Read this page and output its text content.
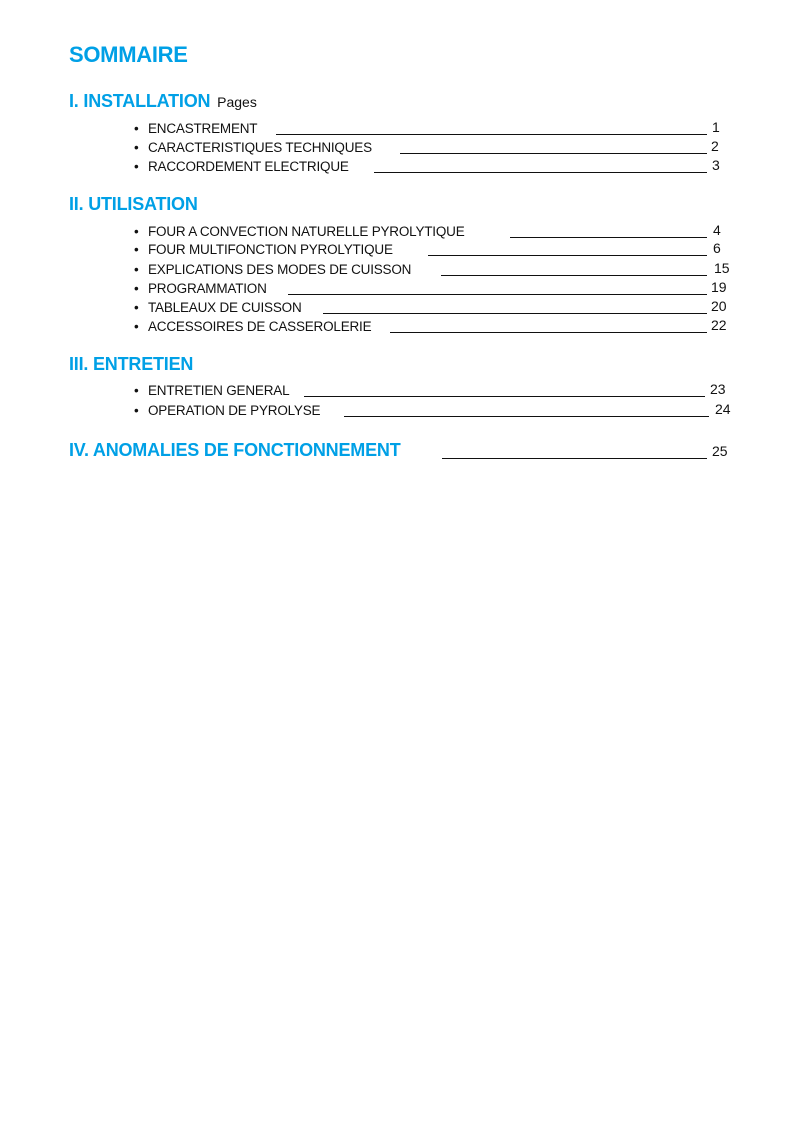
SOMMAIRE
I. INSTALLATION Pages
• ENCASTREMENT	1
• CARACTERISTIQUES TECHNIQUES	2
• RACCORDEMENT ELECTRIQUE	3
II. UTILISATION
• FOUR A CONVECTION NATURELLE PYROLYTIQUE	4
• FOUR MULTIFONCTION PYROLYTIQUE	6
• EXPLICATIONS DES MODES DE CUISSON	15
• PROGRAMMATION	19
• TABLEAUX DE CUISSON	20
• ACCESSOIRES DE CASSEROLERIE	22
III. ENTRETIEN
• ENTRETIEN GENERAL	23
• OPERATION DE PYROLYSE	24
IV. ANOMALIES DE FONCTIONNEMENT	25
